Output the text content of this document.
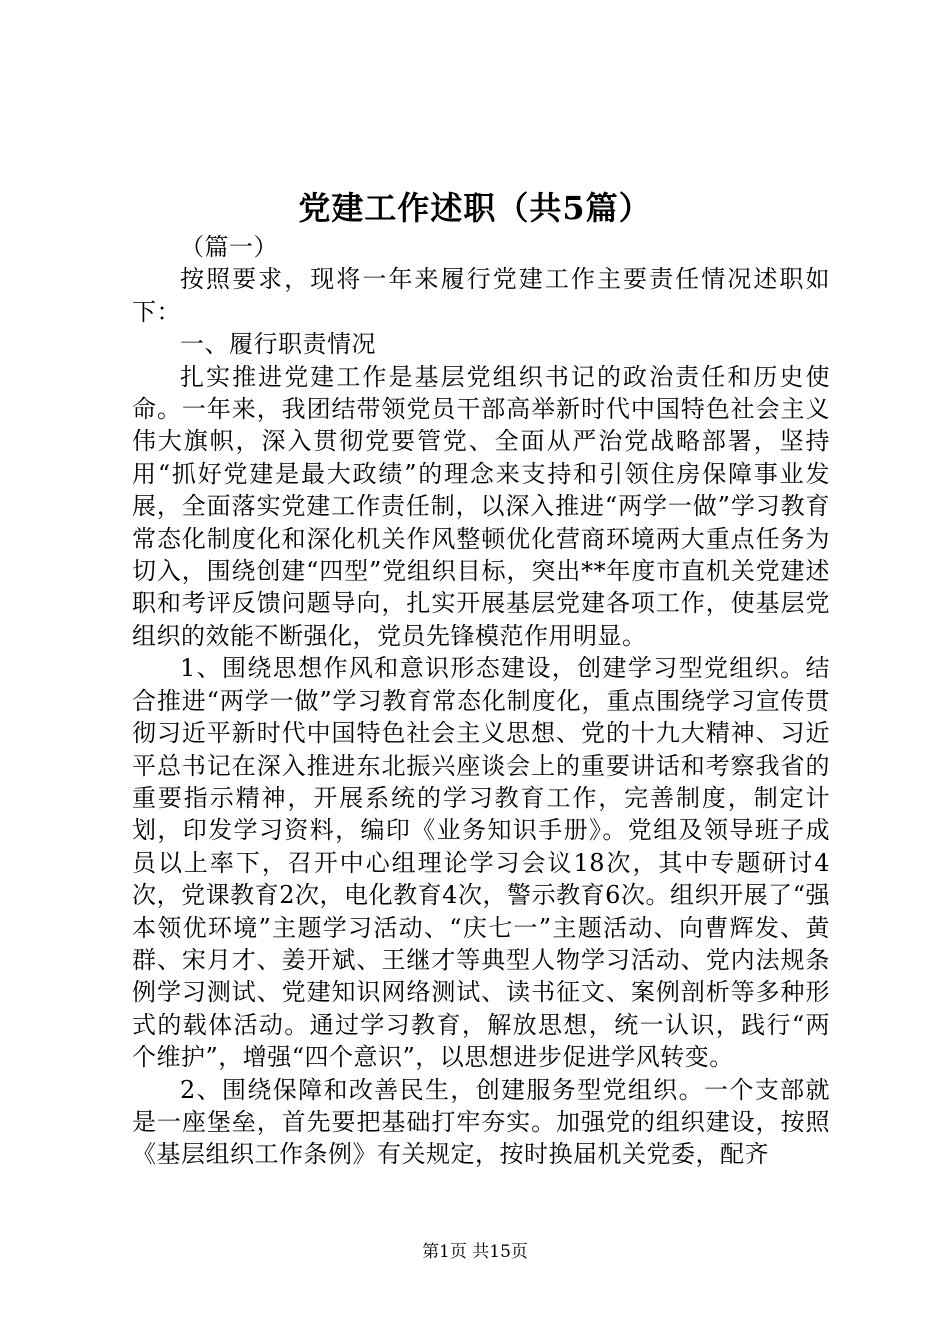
党建工作述职（共5篇）

（篇一）

按照要求，现将一年来履行党建工作主要责任情况述职如下：

一、履行职责情况

扎实推进党建工作是基层党组织书记的政治责任和历史使命。一年来，我团结带领党员干部高举新时代中国特色社会主义伟大旗帜，深入贯彻党要管党、全面从严治党战略部署，坚持用“抓好党建是最大政绩”的理念来支持和引领住房保障事业发展，全面落实党建工作责任制，以深入推进“两学一做”学习教育常态化制度化和深化机关作风整顿优化营商环境两大重点任务为切入，围绕创建“四型”党组织目标，突出**年度市直机关党建述职和考评反馈问题导向，扎实开展基层党建各项工作，使基层党组织的效能不断强化，党员先锋模范作用明显。

1、围绕思想作风和意识形态建设，创建学习型党组织。结合推进“两学一做”学习教育常态化制度化，重点围绕学习宣传贯彻习近平新时代中国特色社会主义思想、党的十九大精神、习近平总书记在深入推进东北振兴座谈会上的重要讲话和考察我省的重要指示精神，开展系统的学习教育工作，完善制度，制定计划，印发学习资料，编印《业务知识手册》。党组及领导班子成员以上率下，召开中心组理论学习会议18次，其中专题研讨4次，党课教育2次，电化教育4次，警示教育6次。组织开展了“强本领优环境”主题学习活动、“庆七一”主题活动、向曹辉发、黄群、宋月才、姜开斌、王继才等典型人物学习活动、党内法规条例学习测试、党建知识网络测试、读书征文、案例剖析等多种形式的载体活动。通过学习教育，解放思想，统一认识，践行“两个维护”，增强“四个意识”，以思想进步促进学风转变。

2、围绕保障和改善民生，创建服务型党组织。一个支部就是一座堡垒，首先要把基础打牢夯实。加强党的组织建设，按照《基层组织工作条例》有关规定，按时换届机关党委，配齐

第1页 共15页
